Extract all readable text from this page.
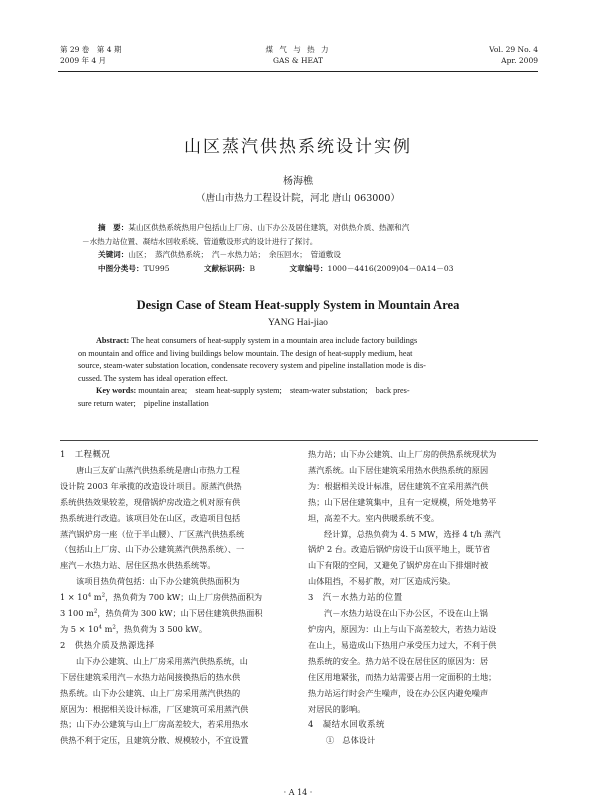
第 29 卷　第 4 期
2009 年 4 月
煤 气 与 热 力
GAS & HEAT
Vol. 29 No. 4
Apr. 2009
山区蒸汽供热系统设计实例
杨海樵
（唐山市热力工程设计院，河北 唐山 063000）

摘　要：某山区供热系统热用户包括山上厂房、山下办公及居住建筑，对供热介质、热源和汽

－水热力站位置、凝结水回收系统、管道敷设形式的设计进行了探讨。

关键词：山区；　蒸汽供热系统；　汽－水热力站；　余压回水；　管道敷设

中图分类号：TU995	文献标识码：B	文章编号：1000－4416(2009)04－0A14－03

Design Case of Steam Heat-supply System in Mountain Area
YANG Hai-jiao

Abstract: The heat consumers of heat-supply system in a mountain area include factory buildings

on mountain and office and living buildings below mountain. The design of heat-supply medium, heat

source, steam-water substation location, condensate recovery system and pipeline installation mode is dis-

cussed. The system has ideal operation effect.

Key words: mountain area;　steam heat-supply system;　steam-water substation;　back pres-

sure return water;　pipeline installation

1　工程概况

唐山三友矿山蒸汽供热系统是唐山市热力工程

设计院 2003 年承揽的改造设计项目。原蒸汽供热

系统供热效果较差，现借锅炉房改造之机对原有供

热系统进行改造。该项目处在山区，改造项目包括

蒸汽锅炉房一座（位于半山腰）、厂区蒸汽供热系统

（包括山上厂房、山下办公建筑蒸汽供热系统）、一

座汽－水热力站、居住区热水供热系统等。

该项目热负荷包括：山下办公建筑供热面积为

$1 \times 10^4$ $m^2$，热负荷为 700 kW；山上厂房供热面积为

3 100 $m^2$，热负荷为 300 kW；山下居住建筑供热面积

为 $5 \times 10^4$ $m^2$，热负荷为 3 500 kW。

2　供热介质及热源选择

山下办公建筑、山上厂房采用蒸汽供热系统，山

下居住建筑采用汽－水热力站间接换热后的热水供

热系统。山下办公建筑、山上厂房采用蒸汽供热的

原因为：根据相关设计标准，厂区建筑可采用蒸汽供

热；山下办公建筑与山上厂房高差较大，若采用热水

供热不利于定压，且建筑分散、规模较小，不宜设置

热力站；山下办公建筑、山上厂房的供热系统现状为

蒸汽系统。山下居住建筑采用热水供热系统的原因

为：根据相关设计标准，居住建筑不宜采用蒸汽供

热；山下居住建筑集中，且有一定规模，所处地势平

坦，高差不大。室内供暖系统不变。

经计算，总热负荷为 4. 5 MW，选择 4 t/h 蒸汽

锅炉 2 台。改造后锅炉房设于山顶平地上，既节省

山下有限的空间，又避免了锅炉房在山下排烟时被

山体阻挡，不易扩散，对厂区造成污染。

3　汽－水热力站的位置

汽－水热力站设在山下办公区，不设在山上锅

炉房内，原因为：山上与山下高差较大，若热力站设

在山上，易造成山下热用户承受压力过大，不利于供

热系统的安全。热力站不设在居住区的原因为：居

住区用地紧张，而热力站需要占用一定面积的土地；

热力站运行时会产生噪声，设在办公区内避免噪声

对居民的影响。

4　凝结水回收系统

①　总体设计

· A 14 ·
